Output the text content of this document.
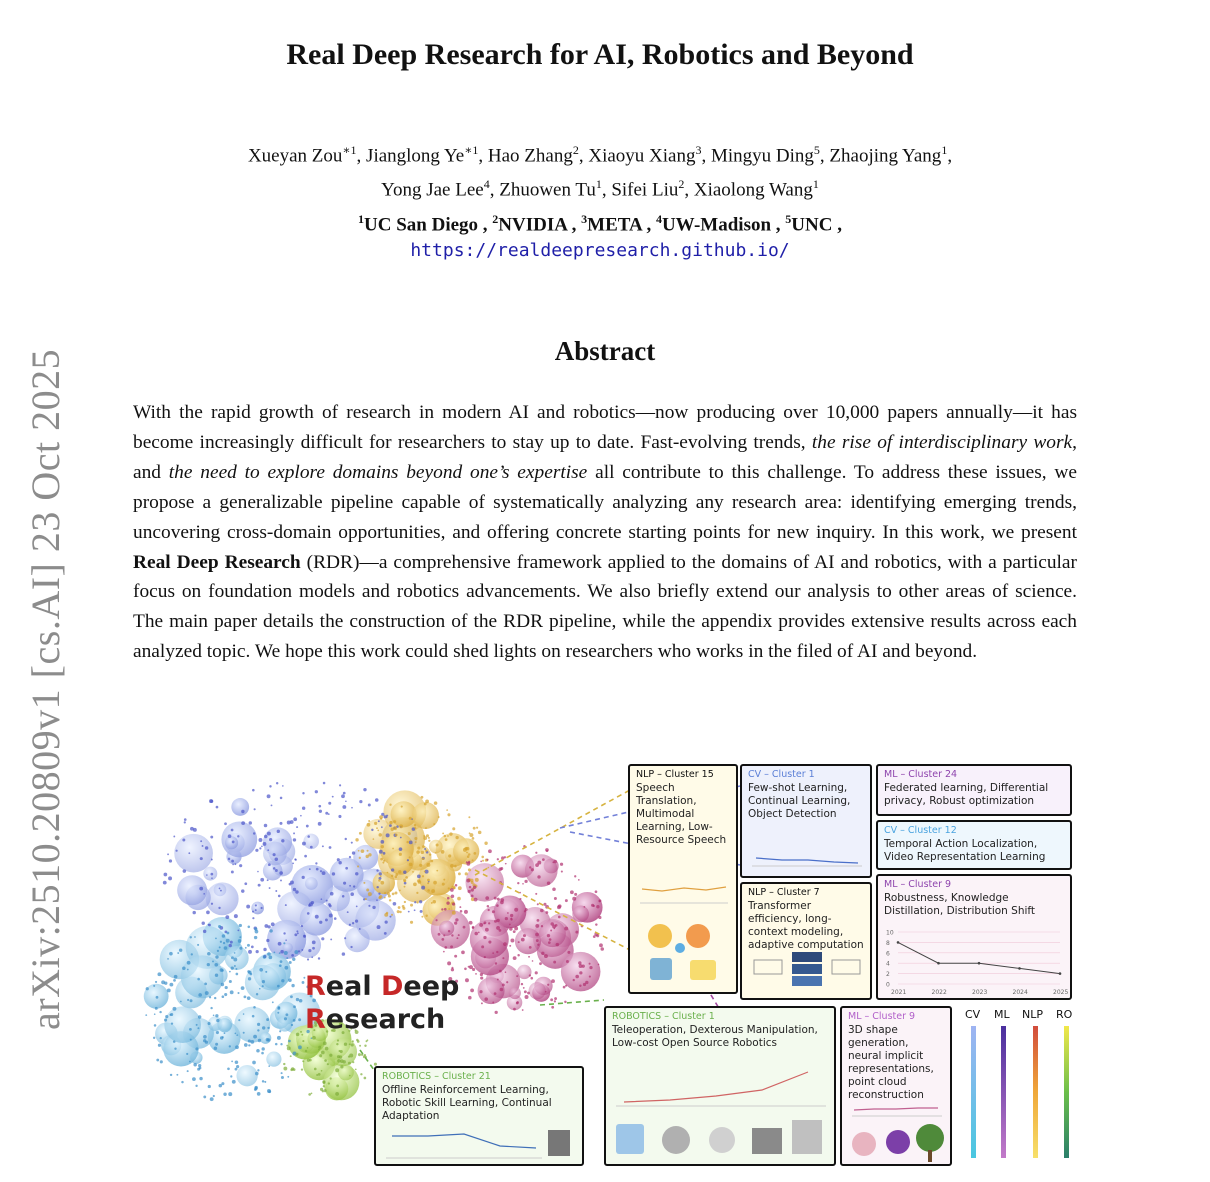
arXiv:2510.20809v1 [cs.AI] 23 Oct 2025
Real Deep Research for AI, Robotics and Beyond
Xueyan Zou$^{∗1}$, Jianglong $Ye^{∗1}$, Hao Zhang$^2$, Xiaoyu Xiang$^3$, Mingyu Ding$^5$, Zhaojing Yang$^1$,
Yong Jae Lee$^4$, Zhuowen Tu$^1$, Sifei Liu$^2$, Xiaolong Wang$^1$
$^1$UC San Diego , $^2$NVIDIA , $^3$META , $^4$UW-Madison , $^5$UNC ,
https://realdeepresearch.github.io/
Abstract

With the rapid growth of research in modern AI and robotics—now producing over 10,000 papers annually—it has become increasingly difficult for researchers to stay up to date. Fast-evolving trends, the rise of interdisciplinary work, and the need to explore domains beyond one’s expertise all contribute to this challenge. To address these issues, we propose a generalizable pipeline capable of systematically analyzing any research area: identifying emerging trends, uncovering cross-domain opportunities, and offering concrete starting points for new inquiry. In this work, we present Real Deep Research (RDR)—a comprehensive framework applied to the domains of AI and robotics, with a particular focus on foundation models and robotics advancements. We also briefly extend our analysis to other areas of science. The main paper details the construction of the RDR pipeline, while the appendix provides extensive results across each analyzed topic. We hope this work could shed lights on researchers who works in the filed of AI and beyond.

Real Deep
Research
NLP – Cluster 15
Speech Translation, Multimodal Learning, Low-Resource Speech
CV – Cluster 1
Few-shot Learning, Continual Learning, Object Detection
ML – Cluster 24
Federated learning, Differential privacy, Robust optimization
CV – Cluster 12
Temporal Action Localization, Video Representation Learning
NLP – Cluster 7
Transformer efficiency, long-context modeling, adaptive computation
ML – Cluster 9
Robustness, Knowledge Distillation, Distribution Shift
10
8
6
4
2
0
2021	2022	2023	2024	2025
ROBOTICS – Cluster 1
Teleoperation, Dexterous Manipulation, Low-cost Open Source Robotics
ML – Cluster 9
3D shape generation, neural implicit representations, point cloud reconstruction
ROBOTICS – Cluster 21
Offline Reinforcement Learning, Robotic Skill Learning, Continual Adaptation
CV ML NLP RO
